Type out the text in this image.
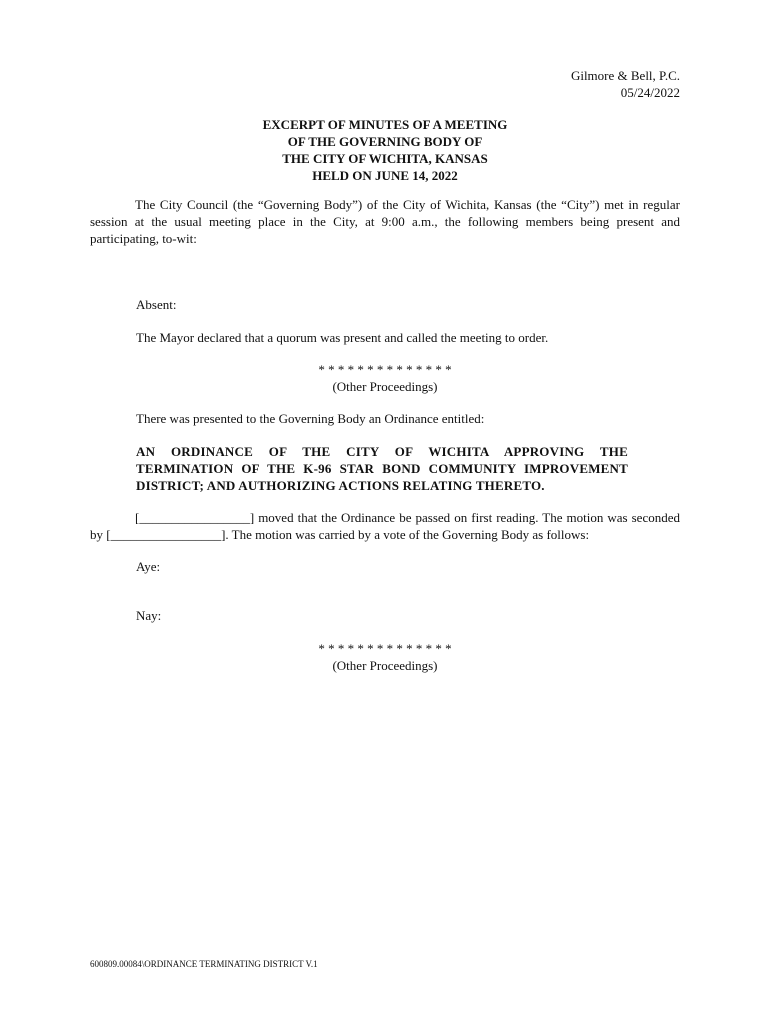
Gilmore & Bell, P.C.
05/24/2022
EXCERPT OF MINUTES OF A MEETING
OF THE GOVERNING BODY OF
THE CITY OF WICHITA, KANSAS
HELD ON JUNE 14, 2022
The City Council (the “Governing Body”) of the City of Wichita, Kansas (the “City”) met in regular session at the usual meeting place in the City, at 9:00 a.m., the following members being present and participating, to-wit:
Absent:
The Mayor declared that a quorum was present and called the meeting to order.
* * * * * * * * * * * * * *
(Other Proceedings)
There was presented to the Governing Body an Ordinance entitled:
AN ORDINANCE OF THE CITY OF WICHITA APPROVING THE TERMINATION OF THE K-96 STAR BOND COMMUNITY IMPROVEMENT DISTRICT; AND AUTHORIZING ACTIONS RELATING THERETO.
[_________________] moved that the Ordinance be passed on first reading. The motion was seconded by [_________________]. The motion was carried by a vote of the Governing Body as follows:
Aye:
Nay:
* * * * * * * * * * * * * *
(Other Proceedings)
600809.00084\ORDINANCE TERMINATING DISTRICT V.1
